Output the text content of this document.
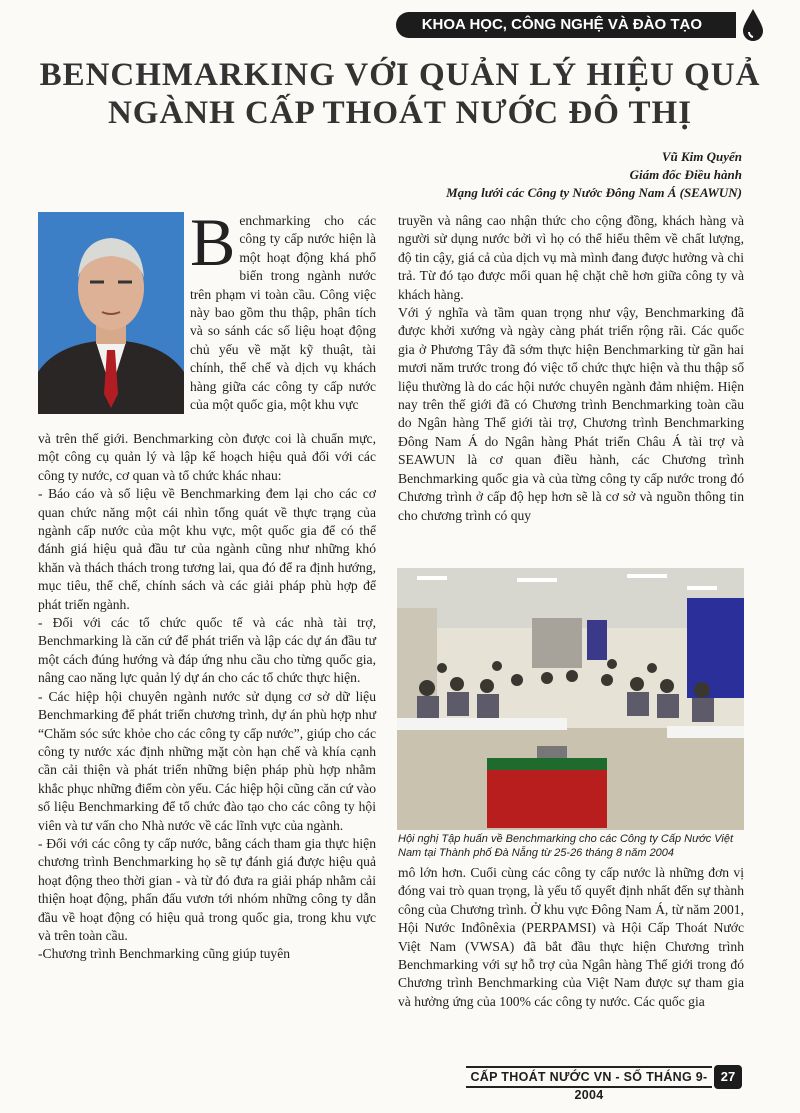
KHOA HỌC, CÔNG NGHỆ VÀ ĐÀO TẠO
BENCHMARKING VỚI QUẢN LÝ HIỆU QUẢ NGÀNH CẤP THOÁT NƯỚC ĐÔ THỊ
Vũ Kim Quyến
Giám đốc Điều hành
Mạng lưới các Công ty Nước Đông Nam Á (SEAWUN)
Benchmarking cho các công ty cấp nước hiện là một hoạt động khá phổ biến trong ngành nước trên phạm vi toàn cầu. Công việc này bao gồm thu thập, phân tích và so sánh các số liệu hoạt động chủ yếu về mặt kỹ thuật, tài chính, thể chế và dịch vụ khách hàng giữa các công ty cấp nước của một quốc gia, một khu vực
và trên thế giới. Benchmarking còn được coi là chuẩn mực, một công cụ quản lý và lập kế hoạch hiệu quả đối với các công ty nước, cơ quan và tổ chức khác nhau:
- Báo cáo và số liệu về Benchmarking đem lại cho các cơ quan chức năng một cái nhìn tổng quát về thực trạng của ngành cấp nước của một khu vực, một quốc gia để có thể đánh giá hiệu quả đầu tư của ngành cũng như những khó khăn và thách thách trong tương lai, qua đó để ra định hướng, mục tiêu, thể chế, chính sách và các giải pháp phù hợp để phát triển ngành.
- Đối với các tổ chức quốc tế và các nhà tài trợ, Benchmarking là căn cứ để phát triển và lập các dự án đầu tư một cách đúng hướng và đáp ứng nhu cầu cho từng quốc gia, nâng cao năng lực quản lý dự án cho các tổ chức thực hiện.
- Các hiệp hội chuyên ngành nước sử dụng cơ sở dữ liệu Benchmarking để phát triển chương trình, dự án phù hợp như “Chăm sóc sức khỏe cho các công ty cấp nước”, giúp cho các công ty nước xác định những mặt còn hạn chế và khía cạnh cần cải thiện và phát triển những biện pháp phù hợp nhằm khắc phục những điểm còn yếu. Các hiệp hội cũng căn cứ vào số liệu Benchmarking để tổ chức đào tạo cho các công ty hội viên và tư vấn cho Nhà nước về các lĩnh vực của ngành.
- Đối với các công ty cấp nước, bằng cách tham gia thực hiện chương trình Benchmarking họ sẽ tự đánh giá được hiệu quả hoạt động theo thời gian - và từ đó đưa ra giải pháp nhằm cải thiện hoạt động, phấn đấu vươn tới nhóm những công ty dẫn đầu về hoạt động có hiệu quả trong quốc gia, trong khu vực và trên toàn cầu.
-Chương trình Benchmarking cũng giúp tuyên
truyền và nâng cao nhận thức cho cộng đồng, khách hàng và người sử dụng nước bởi vì họ có thể hiểu thêm về chất lượng, độ tin cậy, giá cả của dịch vụ mà mình đang được hưởng và chi trả. Từ đó tạo được mối quan hệ chặt chẽ hơn giữa công ty và khách hàng.
Với ý nghĩa và tầm quan trọng như vậy, Benchmarking đã được khởi xướng và ngày càng phát triển rộng rãi. Các quốc gia ở Phương Tây đã sớm thực hiện Benchmarking từ gần hai mươi năm trước trong đó việc tổ chức thực hiện và thu thập số liệu thường là do các hội nước chuyên ngành đảm nhiệm. Hiện nay trên thế giới đã có Chương trình Benchmarking toàn cầu do Ngân hàng Thế giới tài trợ, Chương trình Benchmarking Đông Nam Á do Ngân hàng Phát triển Châu Á tài trợ và SEAWUN là cơ quan điều hành, các Chương trình Benchmarking quốc gia và của từng công ty cấp nước trong đó Chương trình ở cấp độ hẹp hơn sẽ là cơ sở và nguồn thông tin cho chương trình có quy
Hội nghị Tập huấn về Benchmarking cho các Công ty Cấp Nước Việt Nam tại Thành phố Đà Nẵng từ 25-26 tháng 8 năm 2004
mô lớn hơn. Cuối cùng các công ty cấp nước là những đơn vị đóng vai trò quan trọng, là yếu tố quyết định nhất đến sự thành công của Chương trình. Ở khu vực Đông Nam Á, từ năm 2001, Hội Nước Inđônêxia (PERPAMSI) và Hội Cấp Thoát Nước Việt Nam (VWSA) đã bắt đầu thực hiện Chương trình Benchmarking với sự hỗ trợ của Ngân hàng Thế giới trong đó Chương trình Benchmarking của Việt Nam được sự tham gia và hưởng ứng của 100% các công ty nước. Các quốc gia
CẤP THOÁT NƯỚC VN - SỐ THÁNG 9-2004
27
